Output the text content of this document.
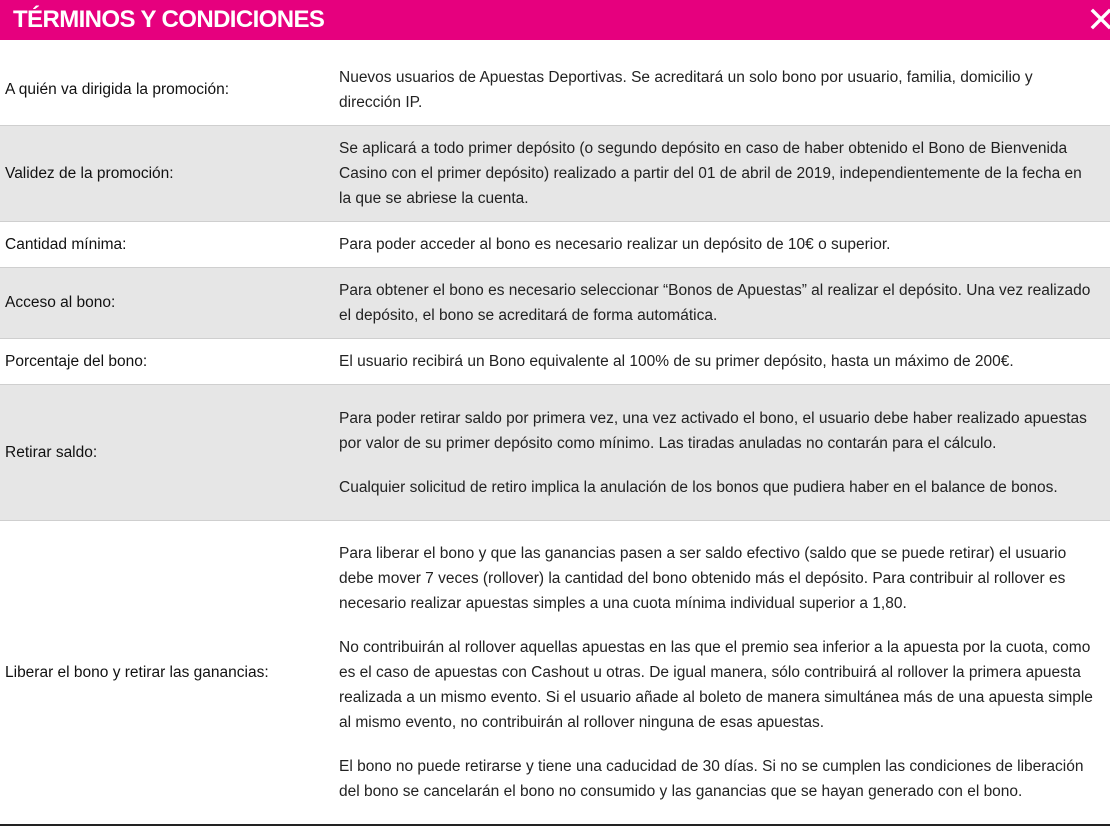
TÉRMINOS Y CONDICIONES
A quién va dirigida la promoción:

Nuevos usuarios de Apuestas Deportivas. Se acreditará un solo bono por usuario, familia, domicilio y dirección IP.

Validez de la promoción:

Se aplicará a todo primer depósito (o segundo depósito en caso de haber obtenido el Bono de Bienvenida Casino con el primer depósito) realizado a partir del 01 de abril de 2019, independientemente de la fecha en la que se abriese la cuenta.

Cantidad mínima:	Para poder acceder al bono es necesario realizar un depósito de 10€ o superior.

Acceso al bono:

Para obtener el bono es necesario seleccionar “Bonos de Apuestas” al realizar el depósito. Una vez realizado el depósito, el bono se acreditará de forma automática.

Porcentaje del bono:	El usuario recibirá un Bono equivalente al 100% de su primer depósito, hasta un máximo de 200€.

Retirar saldo:

Para poder retirar saldo por primera vez, una vez activado el bono, el usuario debe haber realizado apuestas por valor de su primer depósito como mínimo. Las tiradas anuladas no contarán para el cálculo.

Cualquier solicitud de retiro implica la anulación de los bonos que pudiera haber en el balance de bonos.

Liberar el bono y retirar las ganancias:

Para liberar el bono y que las ganancias pasen a ser saldo efectivo (saldo que se puede retirar) el usuario debe mover 7 veces (rollover) la cantidad del bono obtenido más el depósito. Para contribuir al rollover es necesario realizar apuestas simples a una cuota mínima individual superior a 1,80.

No contribuirán al rollover aquellas apuestas en las que el premio sea inferior a la apuesta por la cuota, como es el caso de apuestas con Cashout u otras. De igual manera, sólo contribuirá al rollover la primera apuesta realizada a un mismo evento. Si el usuario añade al boleto de manera simultánea más de una apuesta simple al mismo evento, no contribuirán al rollover ninguna de esas apuestas.

El bono no puede retirarse y tiene una caducidad de 30 días. Si no se cumplen las condiciones de liberación del bono se cancelarán el bono no consumido y las ganancias que se hayan generado con el bono.
